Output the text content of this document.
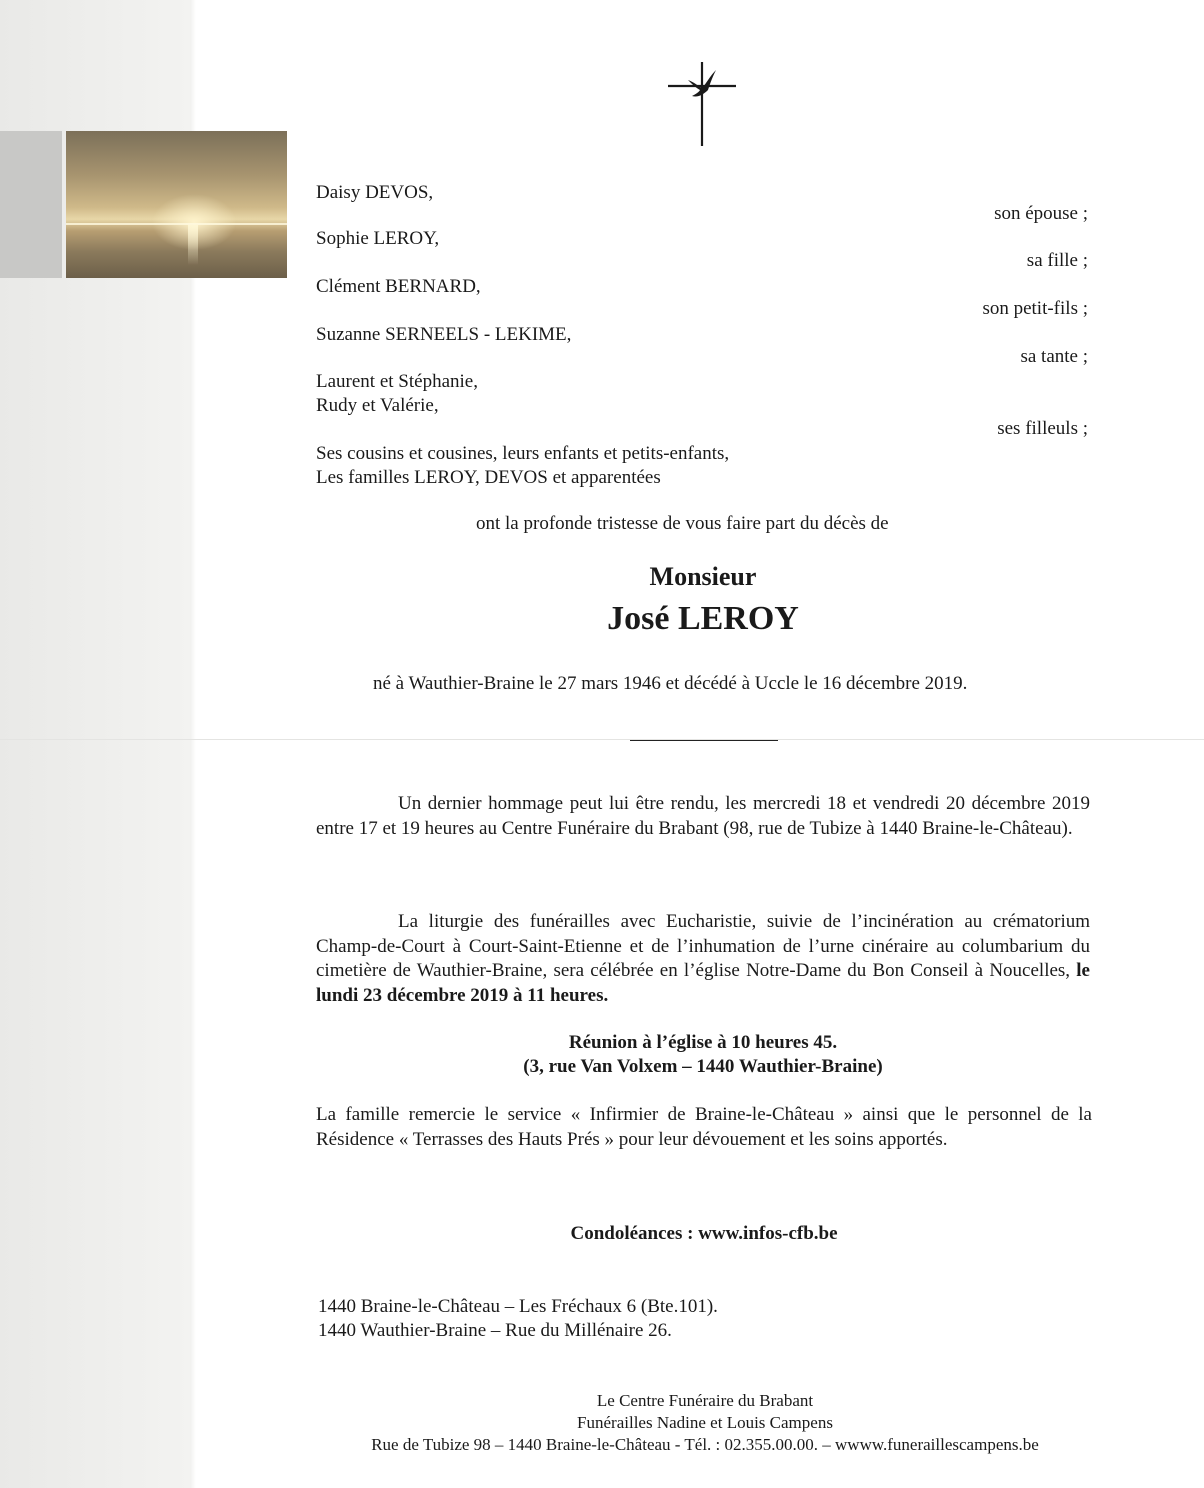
Daisy DEVOS,
son épouse ;
Sophie LEROY,
sa fille ;
Clément BERNARD,
son petit-fils ;
Suzanne SERNEELS - LEKIME,
sa tante ;
Laurent et Stéphanie,
Rudy et Valérie,
ses filleuls ;
Ses cousins et cousines, leurs enfants et petits-enfants,
Les familles LEROY, DEVOS et apparentées
ont la profonde tristesse de vous faire part du décès de
Monsieur
José LEROY
né à Wauthier-Braine le 27 mars 1946 et décédé à Uccle le 16 décembre 2019.
Un dernier hommage peut lui être rendu, les mercredi 18 et vendredi 20 décembre 2019 entre 17 et 19 heures au Centre Funéraire du Brabant (98, rue de Tubize à 1440 Braine-le-Château).
La liturgie des funérailles avec Eucharistie, suivie de l’incinération au crématorium Champ-de-Court à Court-Saint-Etienne et de l’inhumation de l’urne cinéraire au columbarium du cimetière de Wauthier-Braine, sera célébrée en l’église Notre-Dame du Bon Conseil à Noucelles, le lundi 23 décembre 2019 à 11 heures.
Réunion à l’église à 10 heures 45.
(3, rue Van Volxem – 1440 Wauthier-Braine)
La famille remercie le service « Infirmier de Braine-le-Château » ainsi que le personnel de la Résidence « Terrasses des Hauts Prés » pour leur dévouement et les soins apportés.
Condoléances : www.infos-cfb.be
1440 Braine-le-Château – Les Fréchaux 6 (Bte.101).
1440 Wauthier-Braine – Rue du Millénaire 26.
Le Centre Funéraire du Brabant
Funérailles Nadine et Louis Campens
Rue de Tubize 98 – 1440 Braine-le-Château - Tél. : 02.355.00.00. – wwww.funeraillescampens.be
